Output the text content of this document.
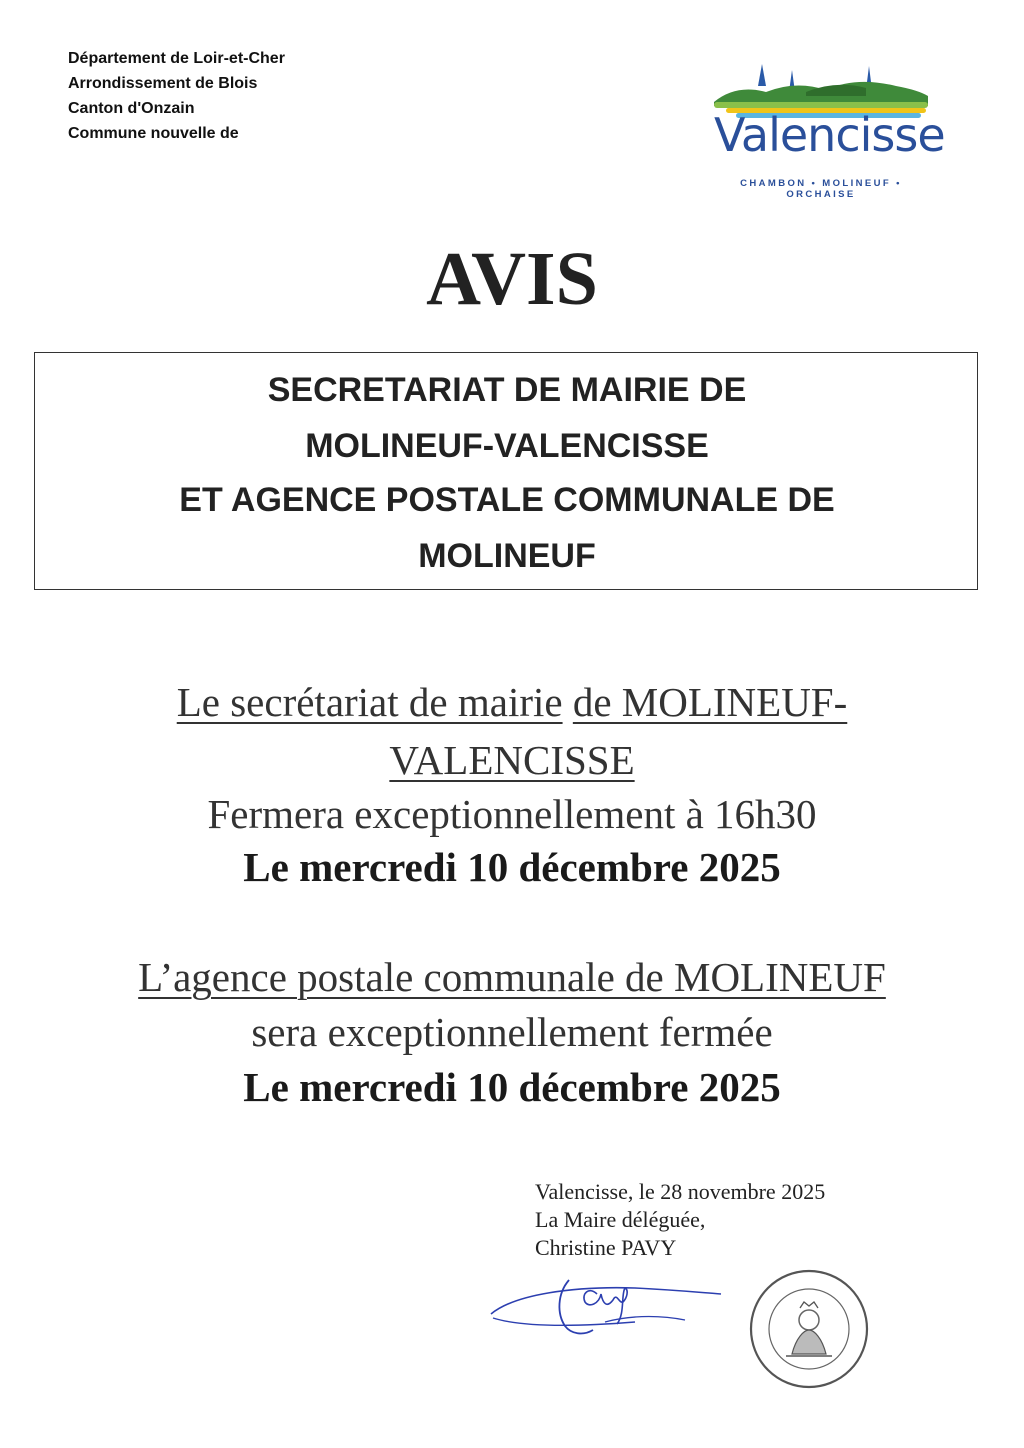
Département de Loir-et-Cher
Arrondissement de Blois
Canton d'Onzain
Commune nouvelle de	Valencisse
CHAMBON • MOLINEUF • ORCHAISE
AVIS
SECRETARIAT DE MAIRIE DE
MOLINEUF-VALENCISSE
ET AGENCE POSTALE COMMUNALE DE
MOLINEUF
Le secrétariat de mairie de MOLINEUF-
VALENCISSE
Fermera exceptionnellement à 16h30
Le mercredi 10 décembre 2025
L’agence postale communale de MOLINEUF
sera exceptionnellement fermée
Le mercredi 10 décembre 2025
Valencisse, le 28 novembre 2025
La Maire déléguée,
Christine PAVY
